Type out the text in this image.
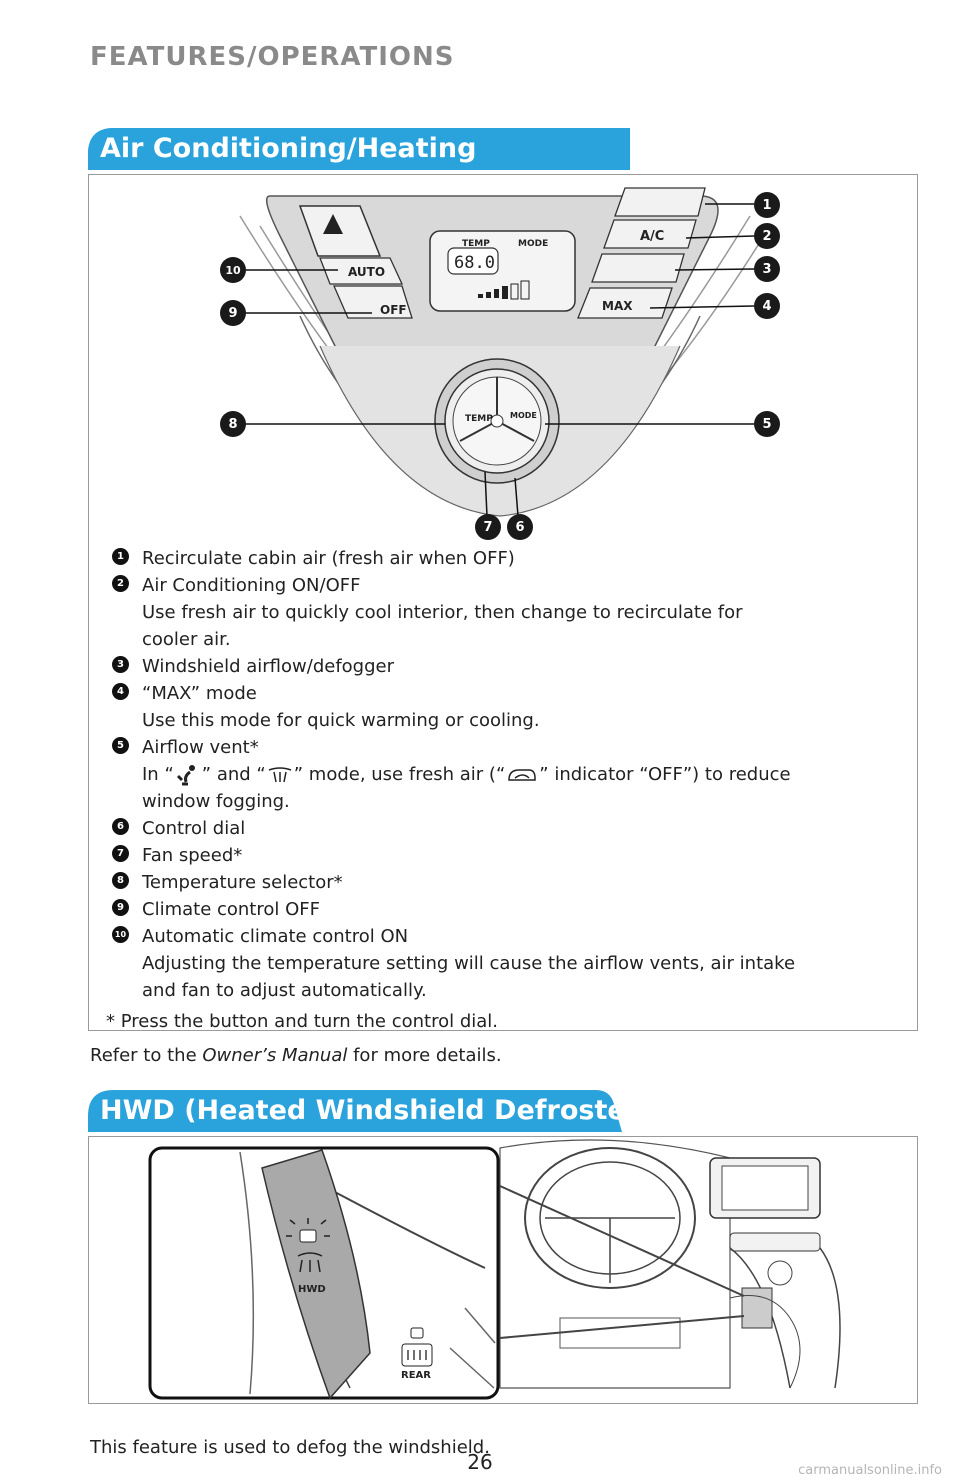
FEATURES/OPERATIONS
Air Conditioning/Heating
68.0
TEMP	MODE
AUTO
OFF
A/C
MAX
TEMP MODE
1
2
3
4
5
6
7
8
9
10
1 Recirculate cabin air (fresh air when OFF)
2 Air Conditioning ON/OFF
Use fresh air to quickly cool interior, then change to recirculate for
cooler air.
3 Windshield airflow/defogger
4 “MAX” mode
Use this mode for quick warming or cooling.
5 Airflow vent*
In “ ” and “ ” mode, use fresh air (“ ” indicator “OFF”) to reduce
window fogging.
6 Control dial
7 Fan speed*
8 Temperature selector*
9 Climate control OFF
10 Automatic climate control ON
Adjusting the temperature setting will cause the airflow vents, air intake
and fan to adjust automatically.
* Press the button and turn the control dial.
Refer to the Owner’s Manual for more details.
HWD (Heated Windshield Defroster)
HWD
REAR
This feature is used to defog the windshield.
26	carmanualsonline.info
